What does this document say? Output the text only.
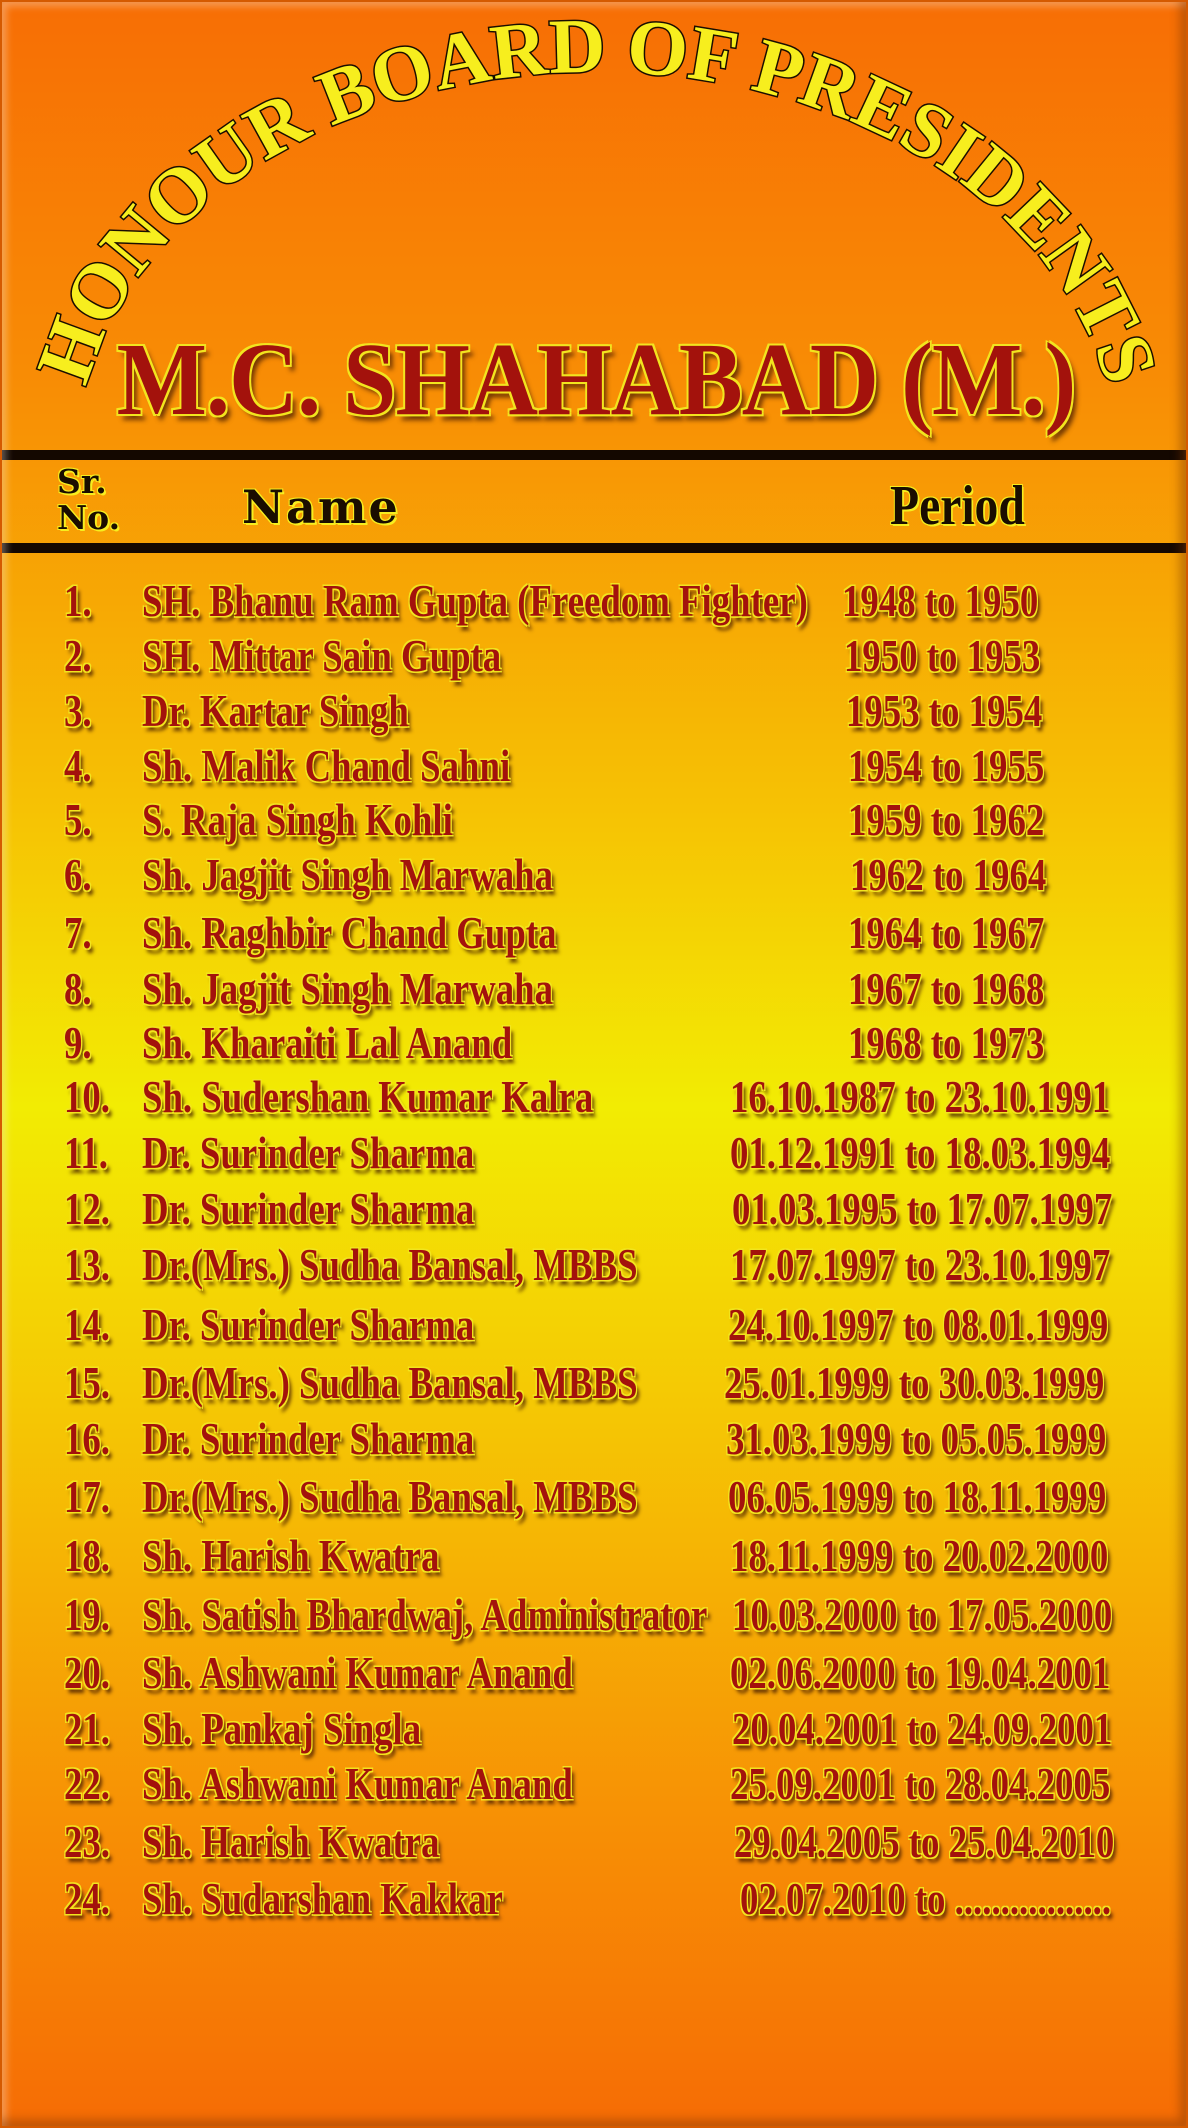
HONOUR BOARD OF PRESIDENTS
M.C. SHAHABAD (M.)
Sr.
No.	Name	Period
1.	SH. Bhanu Ram Gupta (Freedom Fighter) 1948 to 1950
2.	SH. Mittar Sain Gupta	1950 to 1953
3.	Dr. Kartar Singh	1953 to 1954
4.	Sh. Malik Chand Sahni	1954 to 1955
5.	S. Raja Singh Kohli	1959 to 1962
6.	Sh. Jagjit Singh Marwaha	1962 to 1964
7.	Sh. Raghbir Chand Gupta	1964 to 1967
8.	Sh. Jagjit Singh Marwaha	1967 to 1968
9.	Sh. Kharaiti Lal Anand	1968 to 1973
10. Sh. Sudershan Kumar Kalra	16.10.1987 to 23.10.1991
11. Dr. Surinder Sharma	01.12.1991 to 18.03.1994
12. Dr. Surinder Sharma	01.03.1995 to 17.07.1997
13. Dr.(Mrs.) Sudha Bansal, MBBS 17.07.1997 to 23.10.1997
14. Dr. Surinder Sharma	24.10.1997 to 08.01.1999
15. Dr.(Mrs.) Sudha Bansal, MBBS 25.01.1999 to 30.03.1999
16. Dr. Surinder Sharma	31.03.1999 to 05.05.1999
17. Dr.(Mrs.) Sudha Bansal, MBBS 06.05.1999 to 18.11.1999
18. Sh. Harish Kwatra	18.11.1999 to 20.02.2000
19. Sh. Satish Bhardwaj, Administrator 10.03.2000 to 17.05.2000
20. Sh. Ashwani Kumar Anand	02.06.2000 to 19.04.2001
21. Sh. Pankaj Singla	20.04.2001 to 24.09.2001
22. Sh. Ashwani Kumar Anand	25.09.2001 to 28.04.2005
23. Sh. Harish Kwatra	29.04.2005 to 25.04.2010
24. Sh. Sudarshan Kakkar	02.07.2010 to .................
